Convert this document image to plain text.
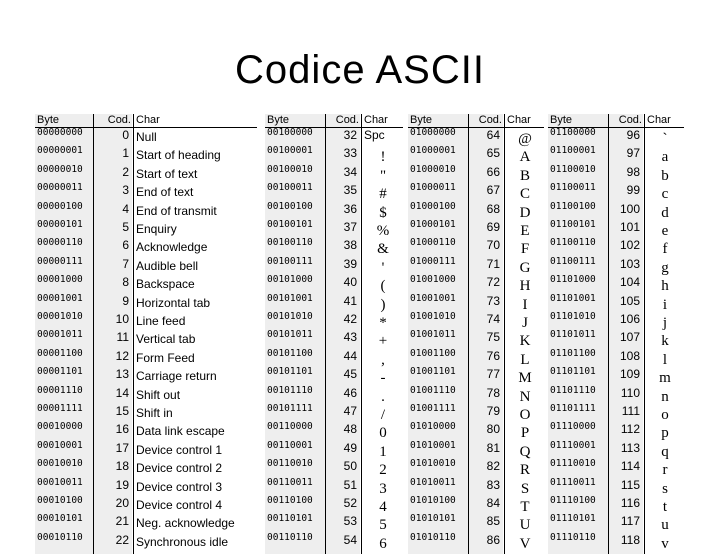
Codice ASCII
Byte	Cod. Char
00000000	0 Null
00000001	1 Start of heading
00000010	2 Start of text
00000011	3 End of text
00000100	4 End of transmit
00000101	5 Enquiry
00000110	6 Acknowledge
00000111	7 Audible bell
00001000	8 Backspace
00001001	9 Horizontal tab
00001010	10 Line feed
00001011	11 Vertical tab
00001100	12 Form Feed
00001101	13 Carriage return
00001110	14 Shift out
00001111	15 Shift in
00010000	16 Data link escape
00010001	17 Device control 1
00010010	18 Device control 2
00010011	19 Device control 3
00010100	20 Device control 4
00010101	21 Neg. acknowledge
00010110	22 Synchronous idle
Byte	Cod. Char
00100000	32 Spc
00100001	33	!
00100010	34	"
00100011	35	#
00100100	36	$
00100101	37	%
00100110	38	&
00100111	39	'
00101000	40	(
00101001	41	)
00101010	42	*
00101011	43	+
00101100	44	,
00101101	45	-
00101110	46	.
00101111	47	/
00110000	48	0
00110001	49	1
00110010	50	2
00110011	51	3
00110100	52	4
00110101	53	5
00110110	54	6
Byte	Cod. Char
01000000	64	@
01000001	65	A
01000010	66	B
01000011	67	C
01000100	68	D
01000101	69	E
01000110	70	F
01000111	71	G
01001000	72	H
01001001	73	I
01001010	74	J
01001011	75	K
01001100	76	L
01001101	77	M
01001110	78	N
01001111	79	O
01010000	80	P
01010001	81	Q
01010010	82	R
01010011	83	S
01010100	84	T
01010101	85	U
01010110	86	V
Byte	Cod. Char
01100000	96	`
01100001	97	a
01100010	98	b
01100011	99	c
01100100	100	d
01100101	101	e
01100110	102	f
01100111	103	g
01101000	104	h
01101001	105	i
01101010	106	j
01101011	107	k
01101100	108	l
01101101	109	m
01101110	110	n
01101111	111	o
01110000	112	p
01110001	113	q
01110010	114	r
01110011	115	s
01110100	116	t
01110101	117	u
01110110	118	v
